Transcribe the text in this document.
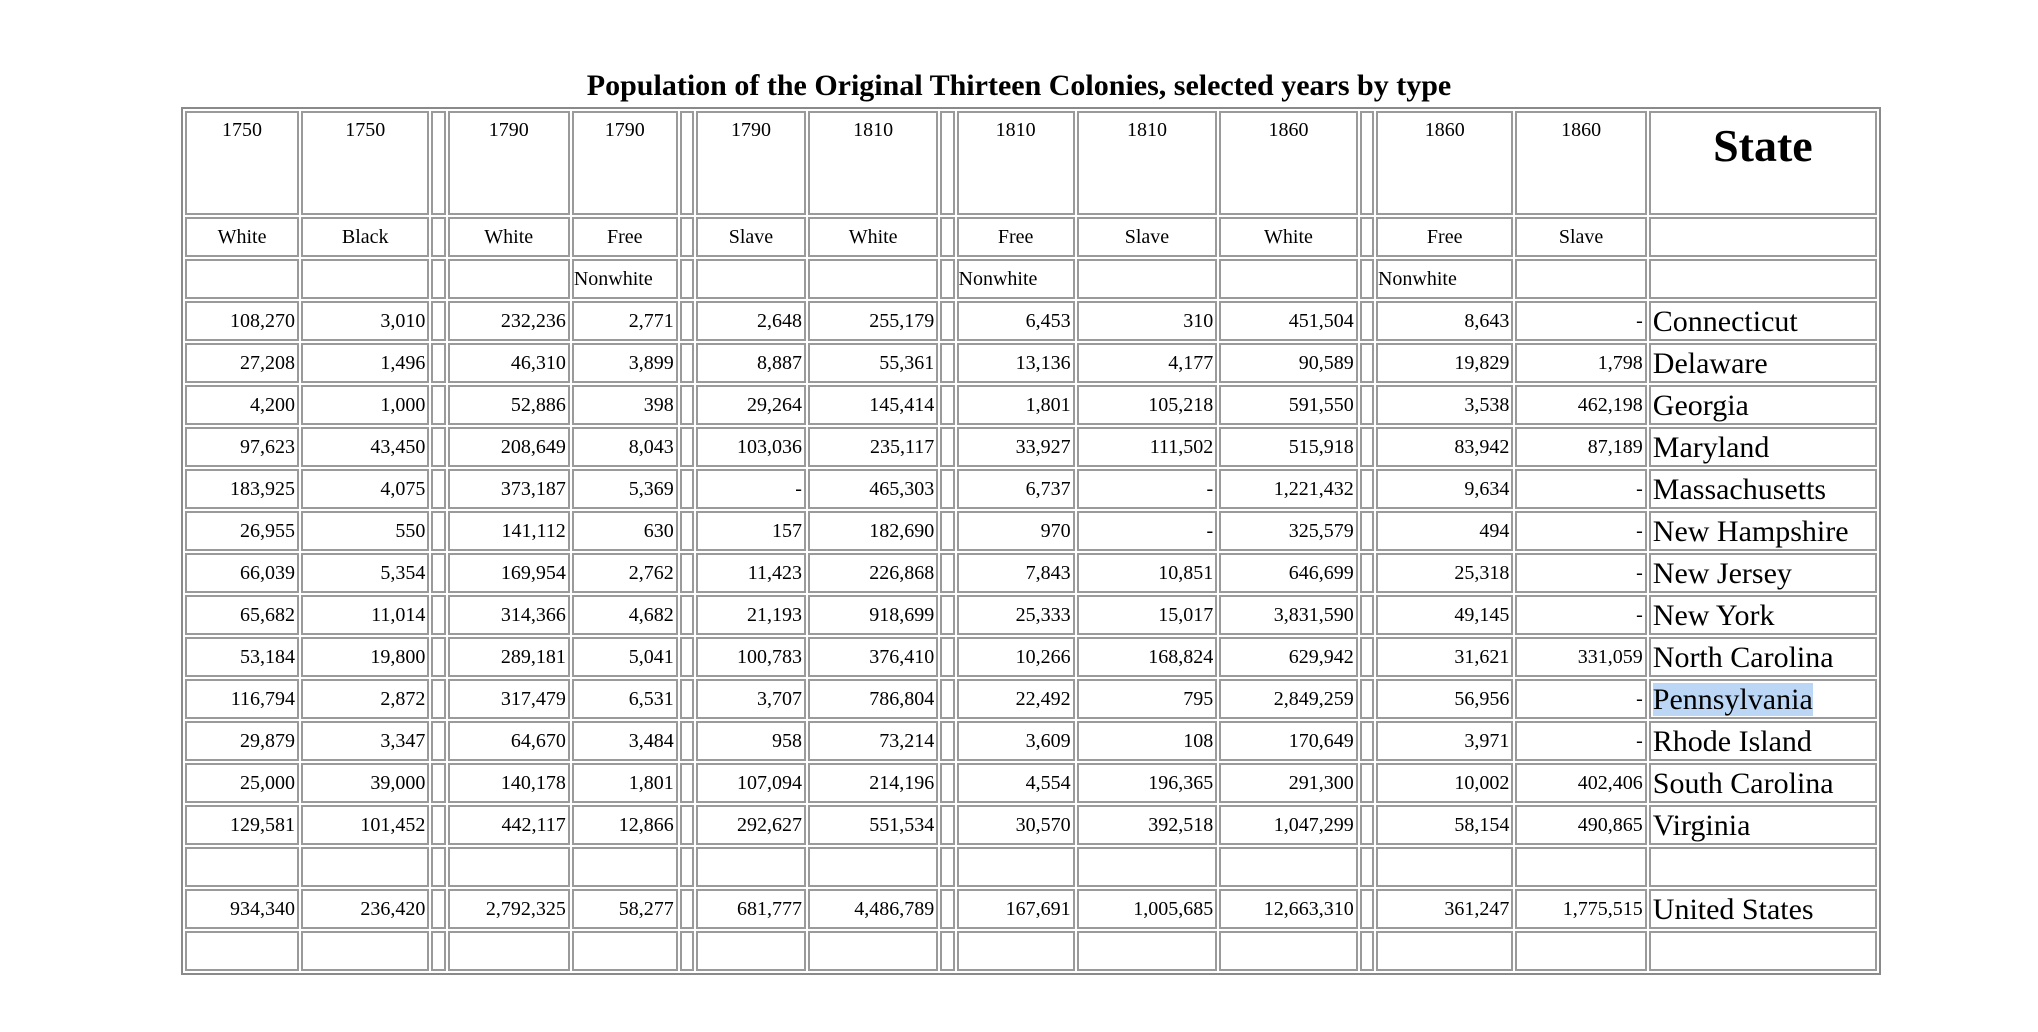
Population of the Original Thirteen Colonies, selected years by type
1750	1750		1790	1790		1790	1810		1810	1810	1860		1860	1860	State
White	Black		White	Free		Slave	White		Free	Slave	White		Free	Slave	
				Nonwhite					Nonwhite				Nonwhite		
108,270	3,010		232,236	2,771		2,648	255,179		6,453	310	451,504		8,643	-	Connecticut
27,208	1,496		46,310	3,899		8,887	55,361		13,136	4,177	90,589		19,829	1,798	Delaware
4,200	1,000		52,886	398		29,264	145,414		1,801	105,218	591,550		3,538	462,198	Georgia
97,623	43,450		208,649	8,043		103,036	235,117		33,927	111,502	515,918		83,942	87,189	Maryland
183,925	4,075		373,187	5,369		-	465,303		6,737	-	1,221,432		9,634	-	Massachusetts
26,955	550		141,112	630		157	182,690		970	-	325,579		494	-	New Hampshire
66,039	5,354		169,954	2,762		11,423	226,868		7,843	10,851	646,699		25,318	-	New Jersey
65,682	11,014		314,366	4,682		21,193	918,699		25,333	15,017	3,831,590		49,145	-	New York
53,184	19,800		289,181	5,041		100,783	376,410		10,266	168,824	629,942		31,621	331,059	North Carolina
116,794	2,872		317,479	6,531		3,707	786,804		22,492	795	2,849,259		56,956	-	Pennsylvania
29,879	3,347		64,670	3,484		958	73,214		3,609	108	170,649		3,971	-	Rhode Island
25,000	39,000		140,178	1,801		107,094	214,196		4,554	196,365	291,300		10,002	402,406	South Carolina
129,581	101,452		442,117	12,866		292,627	551,534		30,570	392,518	1,047,299		58,154	490,865	Virginia

934,340	236,420		2,792,325	58,277		681,777	4,486,789		167,691	1,005,685	12,663,310		361,247	1,775,515	United States
